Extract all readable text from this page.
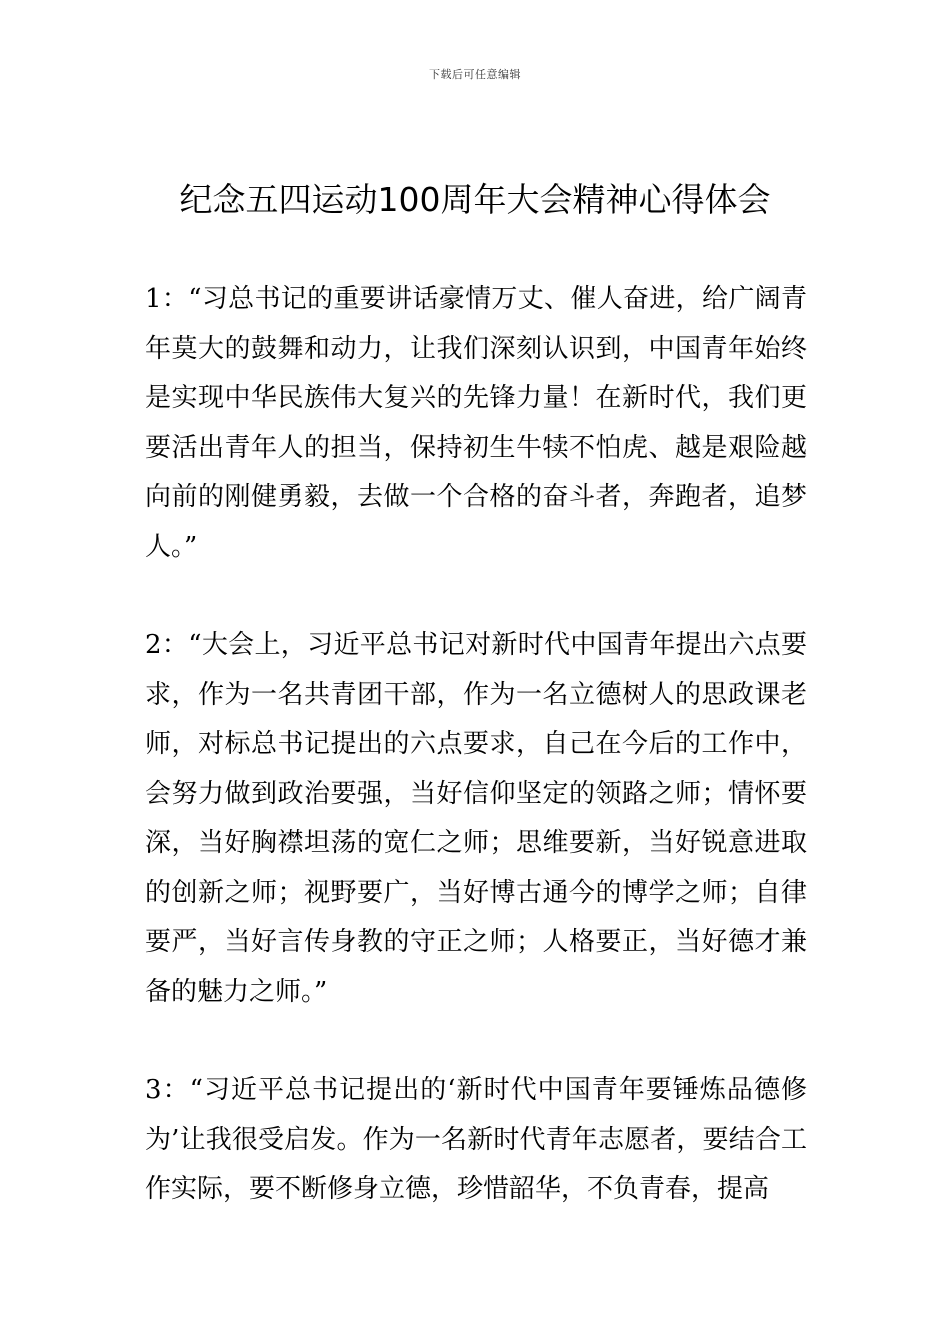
下载后可任意编辑
纪念五四运动100周年大会精神心得体会

1：“习总书记的重要讲话豪情万丈、催人奋进，给广阔青年莫大的鼓舞和动力，让我们深刻认识到，中国青年始终是实现中华民族伟大复兴的先锋力量！在新时代，我们更要活出青年人的担当，保持初生牛犊不怕虎、越是艰险越向前的刚健勇毅，去做一个合格的奋斗者，奔跑者，追梦人。”

2：“大会上，习近平总书记对新时代中国青年提出六点要求，作为一名共青团干部，作为一名立德树人的思政课老师，对标总书记提出的六点要求，自己在今后的工作中，会努力做到政治要强，当好信仰坚定的领路之师；情怀要深，当好胸襟坦荡的宽仁之师；思维要新，当好锐意进取的创新之师；视野要广，当好博古通今的博学之师；自律要严，当好言传身教的守正之师；人格要正，当好德才兼备的魅力之师。”

3：“习近平总书记提出的‘新时代中国青年要锤炼品德修为’让我很受启发。作为一名新时代青年志愿者，要结合工作实际，要不断修身立德，珍惜韶华，不负青春，提高
